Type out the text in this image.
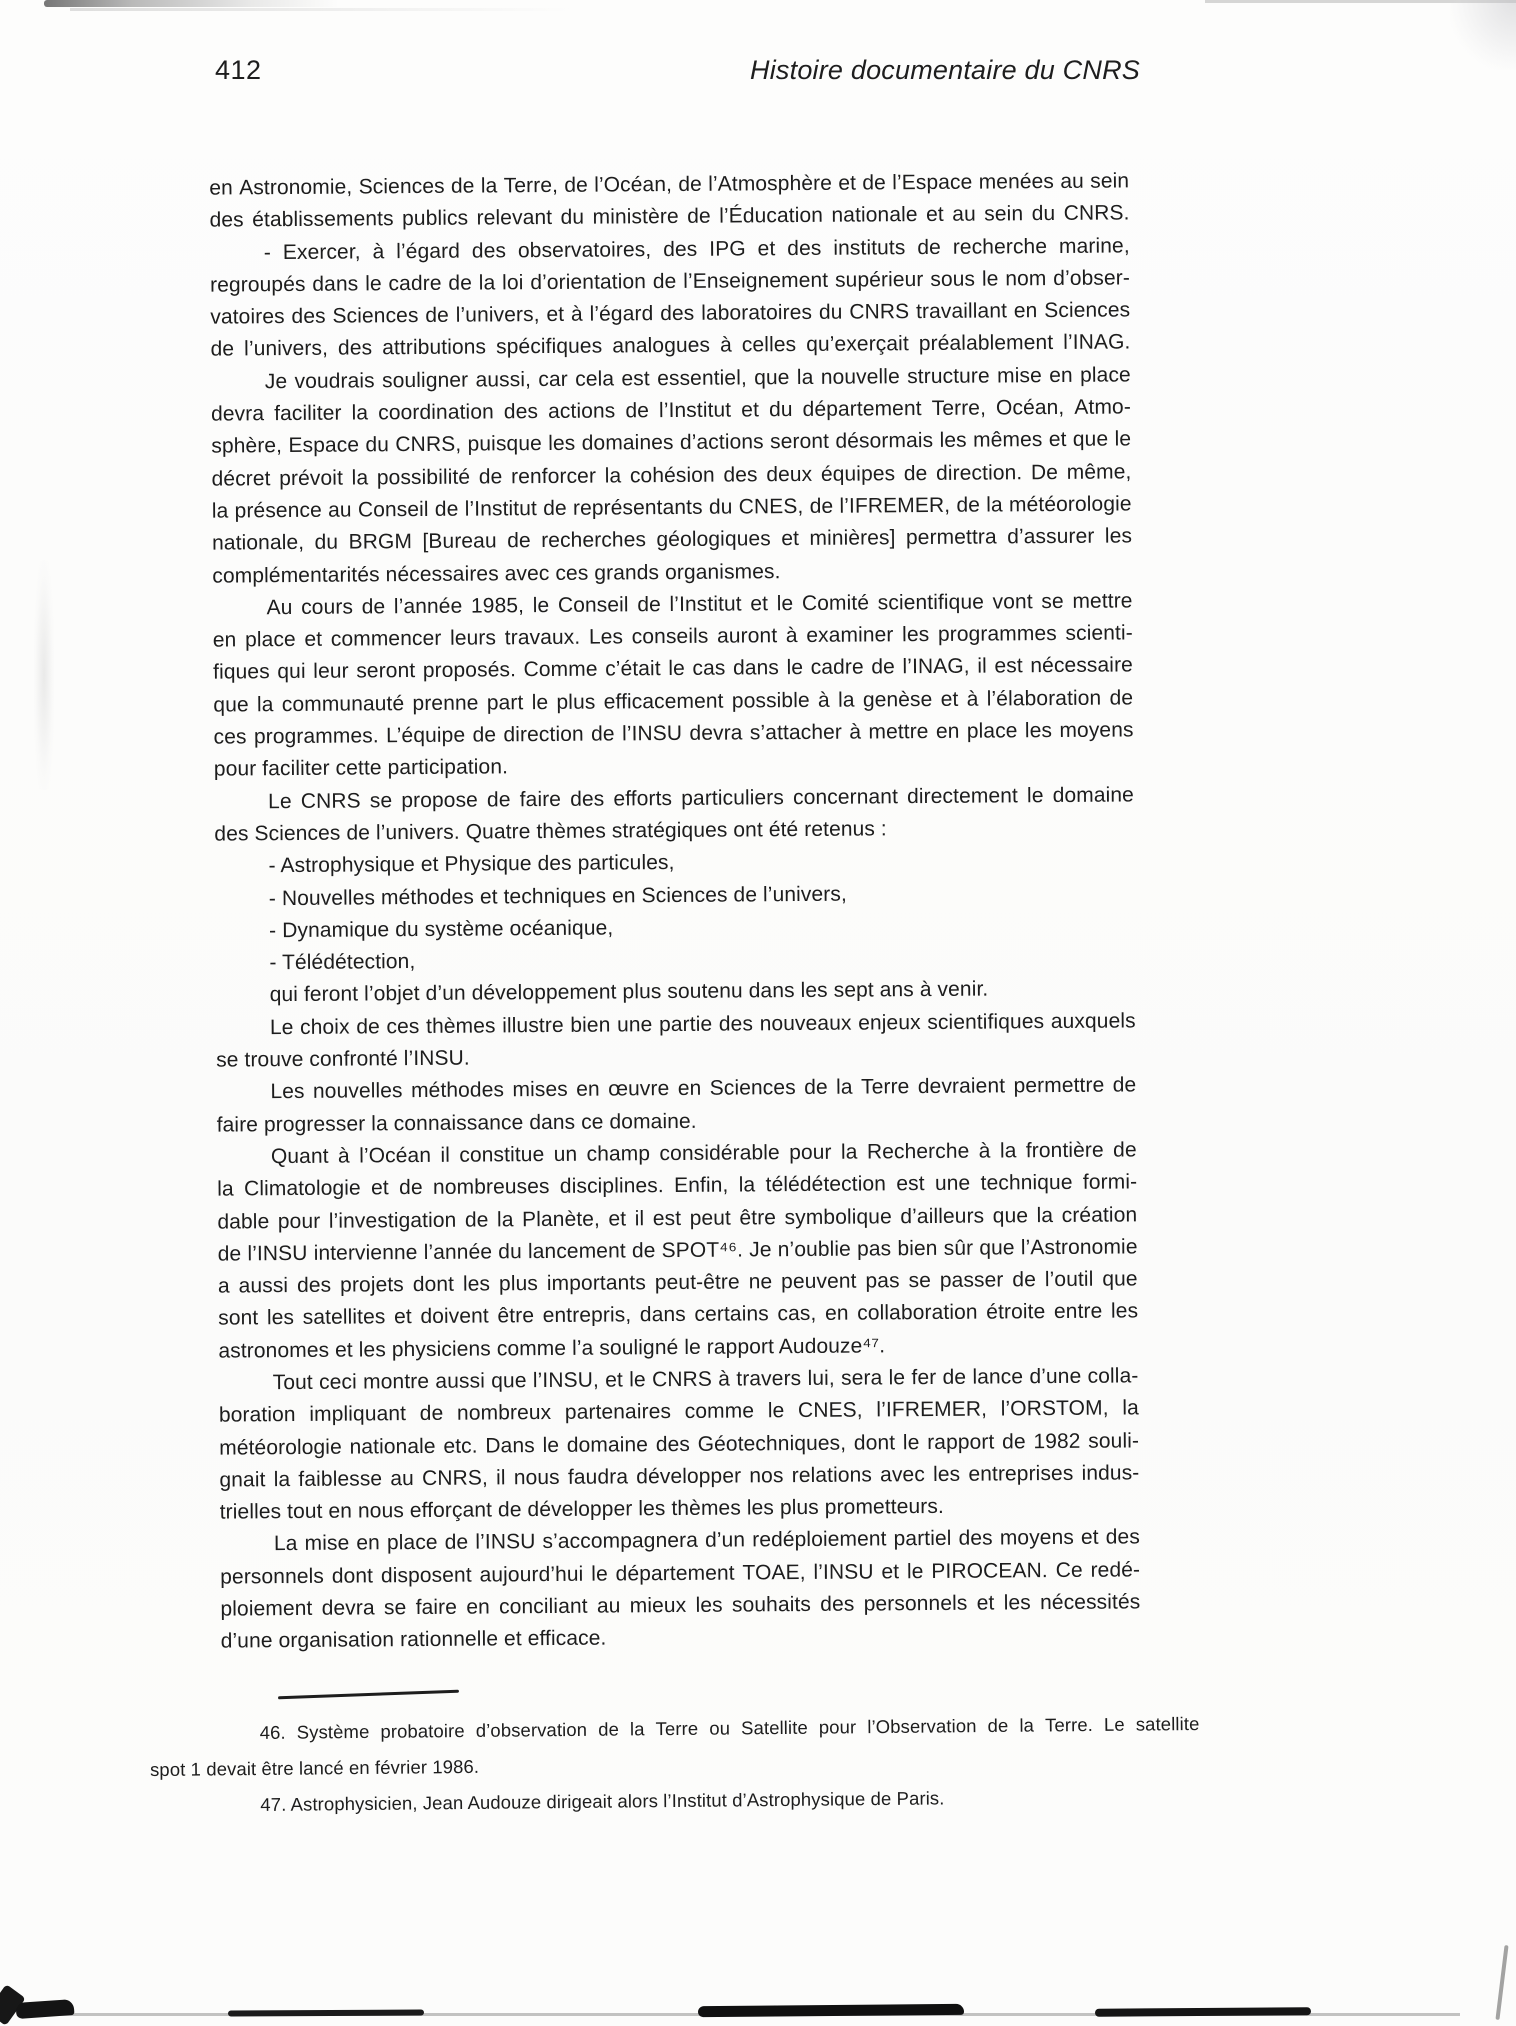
412	Histoire documentaire du CNRS
en Astronomie, Sciences de la Terre, de l’Océan, de l’Atmosphère et de l’Espace menées au sein
des établissements publics relevant du ministère de l’Éducation nationale et au sein du CNRS.
- Exercer, à l’égard des observatoires, des IPG et des instituts de recherche marine,
regroupés dans le cadre de la loi d’orientation de l’Enseignement supérieur sous le nom d’obser-
vatoires des Sciences de l’univers, et à l’égard des laboratoires du CNRS travaillant en Sciences
de l’univers, des attributions spécifiques analogues à celles qu’exerçait préalablement l’INAG.
Je voudrais souligner aussi, car cela est essentiel, que la nouvelle structure mise en place
devra faciliter la coordination des actions de l’Institut et du département Terre, Océan, Atmo-
sphère, Espace du CNRS, puisque les domaines d’actions seront désormais les mêmes et que le
décret prévoit la possibilité de renforcer la cohésion des deux équipes de direction. De même,
la présence au Conseil de l’Institut de représentants du CNES, de l’IFREMER, de la météorologie
nationale, du BRGM [Bureau de recherches géologiques et minières] permettra d’assurer les
complémentarités nécessaires avec ces grands organismes.
Au cours de l’année 1985, le Conseil de l’Institut et le Comité scientifique vont se mettre
en place et commencer leurs travaux. Les conseils auront à examiner les programmes scienti-
fiques qui leur seront proposés. Comme c’était le cas dans le cadre de l’INAG, il est nécessaire
que la communauté prenne part le plus efficacement possible à la genèse et à l’élaboration de
ces programmes. L’équipe de direction de l’INSU devra s’attacher à mettre en place les moyens
pour faciliter cette participation.
Le CNRS se propose de faire des efforts particuliers concernant directement le domaine
des Sciences de l’univers. Quatre thèmes stratégiques ont été retenus :
- Astrophysique et Physique des particules,
- Nouvelles méthodes et techniques en Sciences de l’univers,
- Dynamique du système océanique,
- Télédétection,
qui feront l’objet d’un développement plus soutenu dans les sept ans à venir.
Le choix de ces thèmes illustre bien une partie des nouveaux enjeux scientifiques auxquels
se trouve confronté l’INSU.
Les nouvelles méthodes mises en œuvre en Sciences de la Terre devraient permettre de
faire progresser la connaissance dans ce domaine.
Quant à l’Océan il constitue un champ considérable pour la Recherche à la frontière de
la Climatologie et de nombreuses disciplines. Enfin, la télédétection est une technique formi-
dable pour l’investigation de la Planète, et il est peut être symbolique d’ailleurs que la création
de l’INSU intervienne l’année du lancement de SPOT⁴⁶. Je n’oublie pas bien sûr que l’Astronomie
a aussi des projets dont les plus importants peut-être ne peuvent pas se passer de l’outil que
sont les satellites et doivent être entrepris, dans certains cas, en collaboration étroite entre les
astronomes et les physiciens comme l’a souligné le rapport Audouze⁴⁷.
Tout ceci montre aussi que l’INSU, et le CNRS à travers lui, sera le fer de lance d’une colla-
boration impliquant de nombreux partenaires comme le CNES, l’IFREMER, l’ORSTOM, la
météorologie nationale etc. Dans le domaine des Géotechniques, dont le rapport de 1982 souli-
gnait la faiblesse au CNRS, il nous faudra développer nos relations avec les entreprises indus-
trielles tout en nous efforçant de développer les thèmes les plus prometteurs.
La mise en place de l’INSU s’accompagnera d’un redéploiement partiel des moyens et des
personnels dont disposent aujourd’hui le département TOAE, l’INSU et le PIROCEAN. Ce redé-
ploiement devra se faire en conciliant au mieux les souhaits des personnels et les nécessités
d’une organisation rationnelle et efficace.
46. Système probatoire d’observation de la Terre ou Satellite pour l’Observation de la Terre. Le satellite
spot 1 devait être lancé en février 1986.
47. Astrophysicien, Jean Audouze dirigeait alors l’Institut d’Astrophysique de Paris.
